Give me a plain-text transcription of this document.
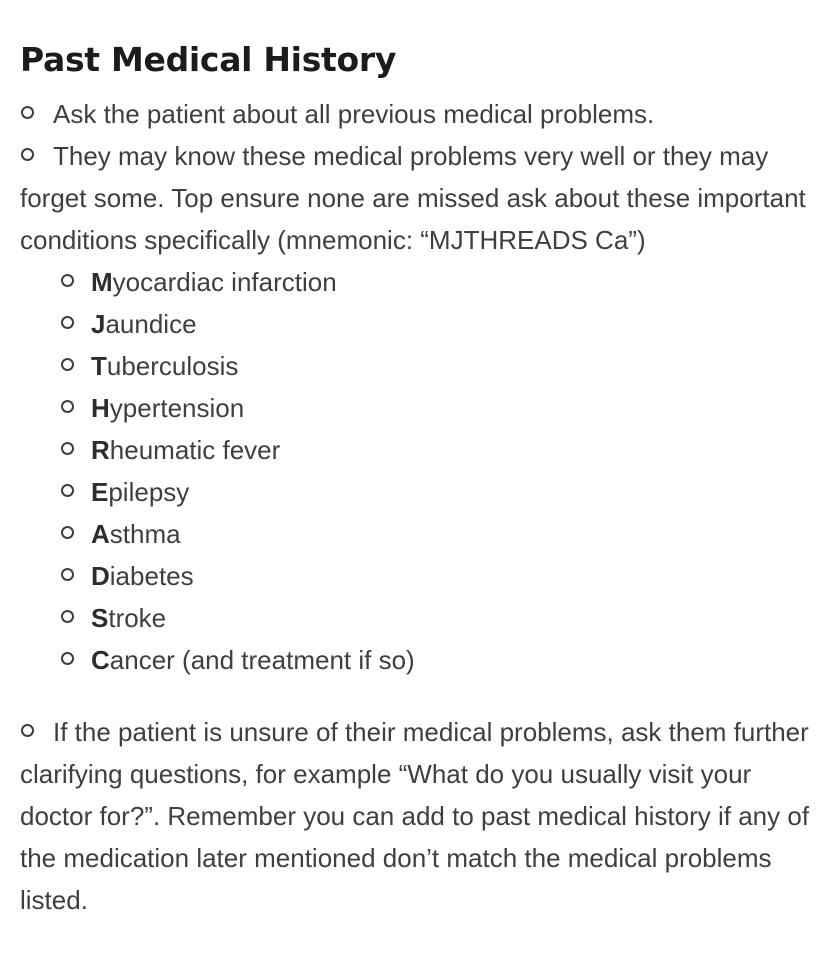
Past Medical History

Ask the patient about all previous medical problems.

They may know these medical problems very well or they may forget some. Top ensure none are missed ask about these important conditions specifically (mnemonic: “MJTHREADS Ca”)

Myocardiac infarction
Jaundice
Tuberculosis
Hypertension
Rheumatic fever
Epilepsy
Asthma
Diabetes
Stroke
Cancer (and treatment if so)

If the patient is unsure of their medical problems, ask them further clarifying questions, for example “What do you usually visit your doctor for?”. Remember you can add to past medical history if any of the medication later mentioned don’t match the medical problems listed.
